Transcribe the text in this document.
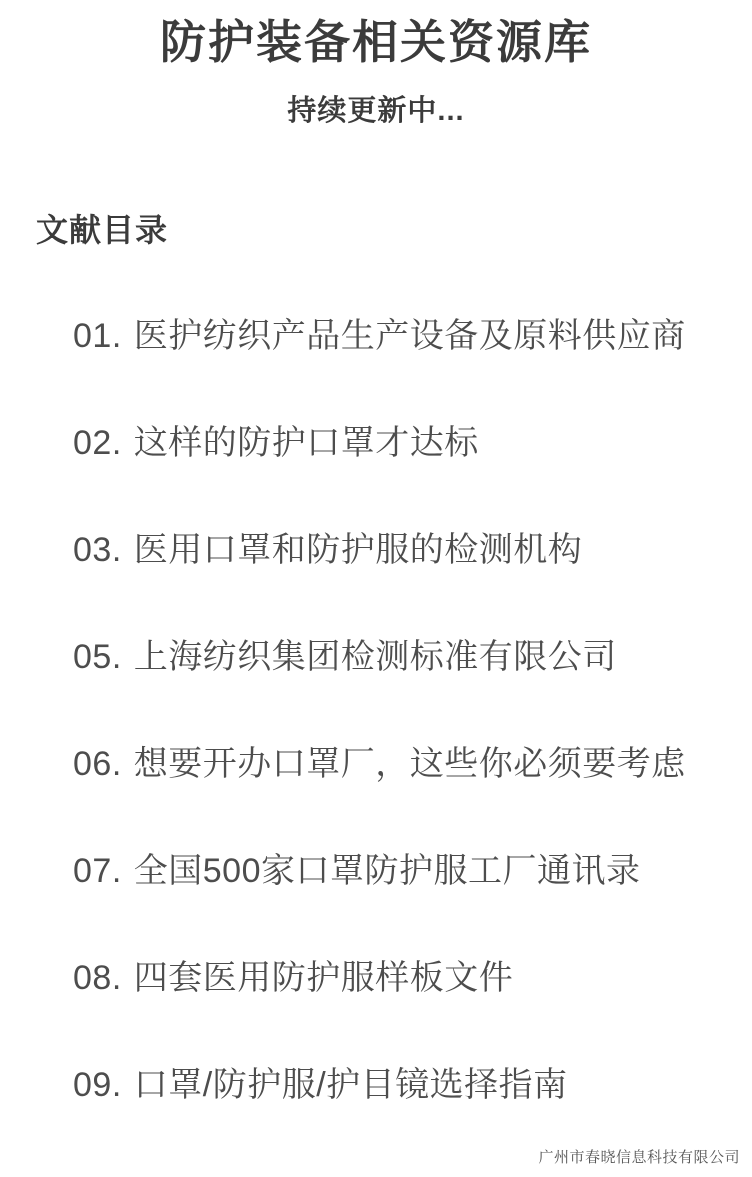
防护装备相关资源库
持续更新中...
文献目录
01. 医护纺织产品生产设备及原料供应商
02. 这样的防护口罩才达标
03. 医用口罩和防护服的检测机构
05. 上海纺织集团检测标准有限公司
06. 想要开办口罩厂，这些你必须要考虑
07. 全国500家口罩防护服工厂通讯录
08. 四套医用防护服样板文件
09. 口罩/防护服/护目镜选择指南
广州市春晓信息科技有限公司
